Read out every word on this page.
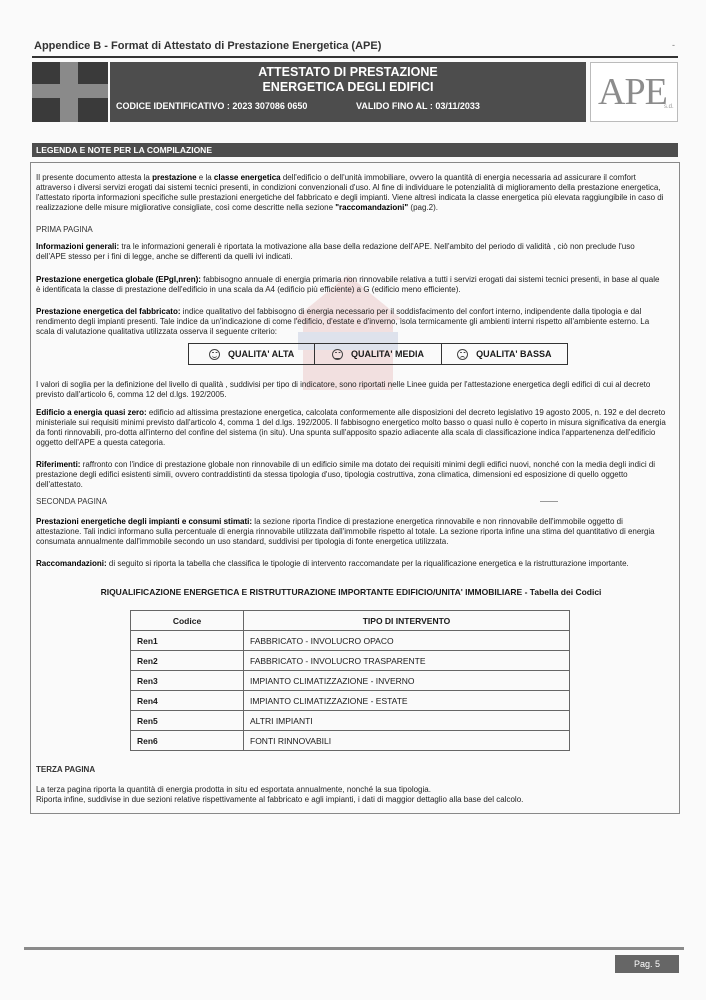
Appendice B - Format di Attestato di Prestazione Energetica (APE)	-
ATTESTATO DI PRESTAZIONE
ENERGETICA DEGLI EDIFICI
CODICE IDENTIFICATIVO : 2023 307086 0650	VALIDO FINO AL : 03/11/2033	APE
s.d.
LEGENDA E NOTE PER LA COMPILAZIONE
Il presente documento attesta la prestazione e la classe energetica dell'edificio o dell'unità immobiliare, ovvero la quantità di energia necessaria ad assicurare il comfort attraverso i diversi servizi erogati dai sistemi tecnici presenti, in condizioni convenzionali d'uso. Al fine di individuare le potenzialità di miglioramento della prestazione energetica, l'attestato riporta informazioni specifiche sulle prestazioni energetiche del fabbricato e degli impianti. Viene altresì indicata la classe energetica più elevata raggiungibile in caso di realizzazione delle misure migliorative consigliate, così come descritte nella sezione "raccomandazioni" (pag.2).
PRIMA PAGINA
Informazioni generali: tra le informazioni generali è riportata la motivazione alla base della redazione dell'APE. Nell'ambito del periodo di validità , ciò non preclude l'uso dell'APE stesso per i fini di legge, anche se differenti da quelli ivi indicati.
Prestazione energetica globale (EPgl,nren): fabbisogno annuale di energia primaria non rinnovabile relativa a tutti i servizi erogati dai sistemi tecnici presenti, in base al quale è identificata la classe di prestazione dell'edificio in una scala da A4 (edificio più efficiente) a G (edificio meno efficiente).
Prestazione energetica del fabbricato: indice qualitativo del fabbisogno di energia necessario per il soddisfacimento del confort interno, indipendente dalla tipologia e dal rendimento degli impianti presenti. Tale indice da un'indicazione di come l'edificio, d'estate e d'inverno, isola termicamente gli ambienti interni rispetto all'ambiente esterno. La scala di valutazione qualitativa utilizzata osserva il seguente criterio:
QUALITA' ALTA	QUALITA' MEDIA	QUALITA' BASSA
I valori di soglia per la definizione del livello di qualità , suddivisi per tipo di indicatore, sono riportati nelle Linee guida per l'attestazione energetica degli edifici di cui al decreto previsto dall'articolo 6, comma 12 del d.lgs. 192/2005.
Edificio a energia quasi zero: edificio ad altissima prestazione energetica, calcolata conformemente alle disposizioni del decreto legislativo 19 agosto 2005, n. 192 e del decreto ministeriale sui requisiti minimi previsto dall'articolo 4, comma 1 del d.lgs. 192/2005. Il fabbisogno energetico molto basso o quasi nullo è coperto in misura significativa da energia da fonti rinnovabili, pro-dotta all'interno del confine del sistema (in situ). Una spunta sull'apposito spazio adiacente alla scala di classificazione indica l'appartenenza dell'edificio oggetto dell'APE a questa categoria.
Riferimenti: raffronto con l'indice di prestazione globale non rinnovabile di un edificio simile ma dotato dei requisiti minimi degli edifici nuovi, nonché con la media degli indici di prestazione degli edifici esistenti simili, ovvero contraddistinti da stessa tipologia d'uso, tipologia costruttiva, zona climatica, dimensioni ed esposizione di quello oggetto dell'attestato.
SECONDA PAGINA
Prestazioni energetiche degli impianti e consumi stimati: la sezione riporta l'indice di prestazione energetica rinnovabile e non rinnovabile dell'immobile oggetto di attestazione. Tali indici informano sulla percentuale di energia rinnovabile utilizzata dall'immobile rispetto al totale. La sezione riporta infine una stima del quantitativo di energia consumata annualmente dall'immobile secondo un uso standard, suddivisi per tipologia di fonte energetica utilizzata.
Raccomandazioni: di seguito si riporta la tabella che classifica le tipologie di intervento raccomandate per la riqualificazione energetica e la ristrutturazione importante.
RIQUALIFICAZIONE ENERGETICA E RISTRUTTURAZIONE IMPORTANTE EDIFICIO/UNITA' IMMOBILIARE - Tabella dei Codici
Codice	TIPO DI INTERVENTO
Ren1	FABBRICATO - INVOLUCRO OPACO
Ren2	FABBRICATO - INVOLUCRO TRASPARENTE
Ren3	IMPIANTO CLIMATIZZAZIONE - INVERNO
Ren4	IMPIANTO CLIMATIZZAZIONE - ESTATE
Ren5	ALTRI IMPIANTI
Ren6	FONTI RINNOVABILI
TERZA PAGINA
La terza pagina riporta la quantità di energia prodotta in situ ed esportata annualmente, nonché la sua tipologia.
Riporta infine, suddivise in due sezioni relative rispettivamente al fabbricato e agli impianti, i dati di maggior dettaglio alla base del calcolo.
Pag. 5
